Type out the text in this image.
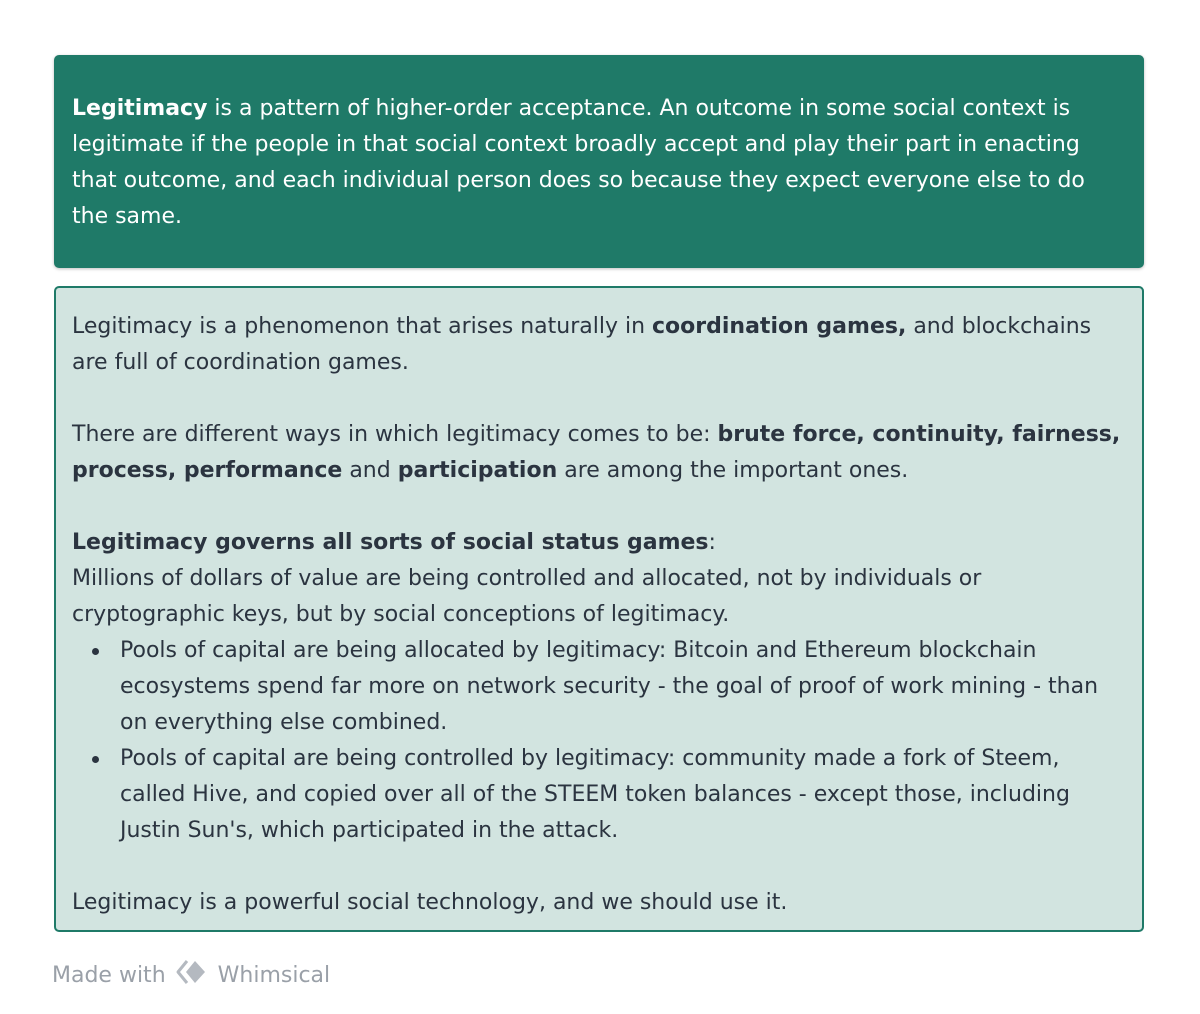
Legitimacy is a pattern of higher-order acceptance. An outcome in some social context is legitimate if the people in that social context broadly accept and play their part in enacting that outcome, and each individual person does so because they expect everyone else to do the same.

Legitimacy is a phenomenon that arises naturally in coordination games, and blockchains are full of coordination games.

There are different ways in which legitimacy comes to be: brute force, continuity, fairness, process, performance and participation are among the important ones.

Legitimacy governs all sorts of social status games:

Millions of dollars of value are being controlled and allocated, not by individuals or cryptographic keys, but by social conceptions of legitimacy.

Pools of capital are being allocated by legitimacy: Bitcoin and Ethereum blockchain ecosystems spend far more on network security - the goal of proof of work mining - than on everything else combined.
Pools of capital are being controlled by legitimacy: community made a fork of Steem, called Hive, and copied over all of the STEEM token balances - except those, including Justin Sun's, which participated in the attack.

Legitimacy is a powerful social technology, and we should use it.

Made with Whimsical
